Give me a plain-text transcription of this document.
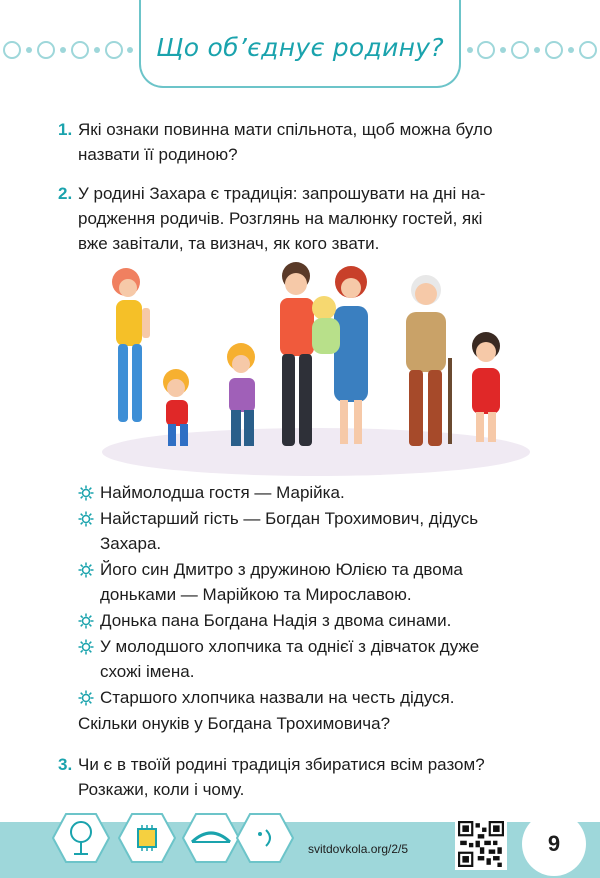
Що об’єднує родину?
1. Які ознаки повинна мати спільнота, щоб можна було
назвати її родиною?
2. У родині Захара є традиція: запрошувати на дні на-
родження родичів. Розглянь на малюнку гостей, які
вже завітали, та визнач, як кого звати.
Наймолодша гостя — Марійка.
Найстарший гість — Богдан Трохимович, дідусь
Захара.
Його син Дмитро з дружиною Юлією та двома
доньками — Марійкою та Мирославою.
Донька пана Богдана Надія з двома синами.
У молодшого хлопчика та однієї з дівчаток дуже
схожі імена.
Старшого хлопчика назвали на честь дідуся.
Скільки онуків у Богдана Трохимовича?
3. Чи є в твоїй родині традиція збиратися всім разом?
Розкажи, коли і чому.
svitdovkola.org/2/5	9
